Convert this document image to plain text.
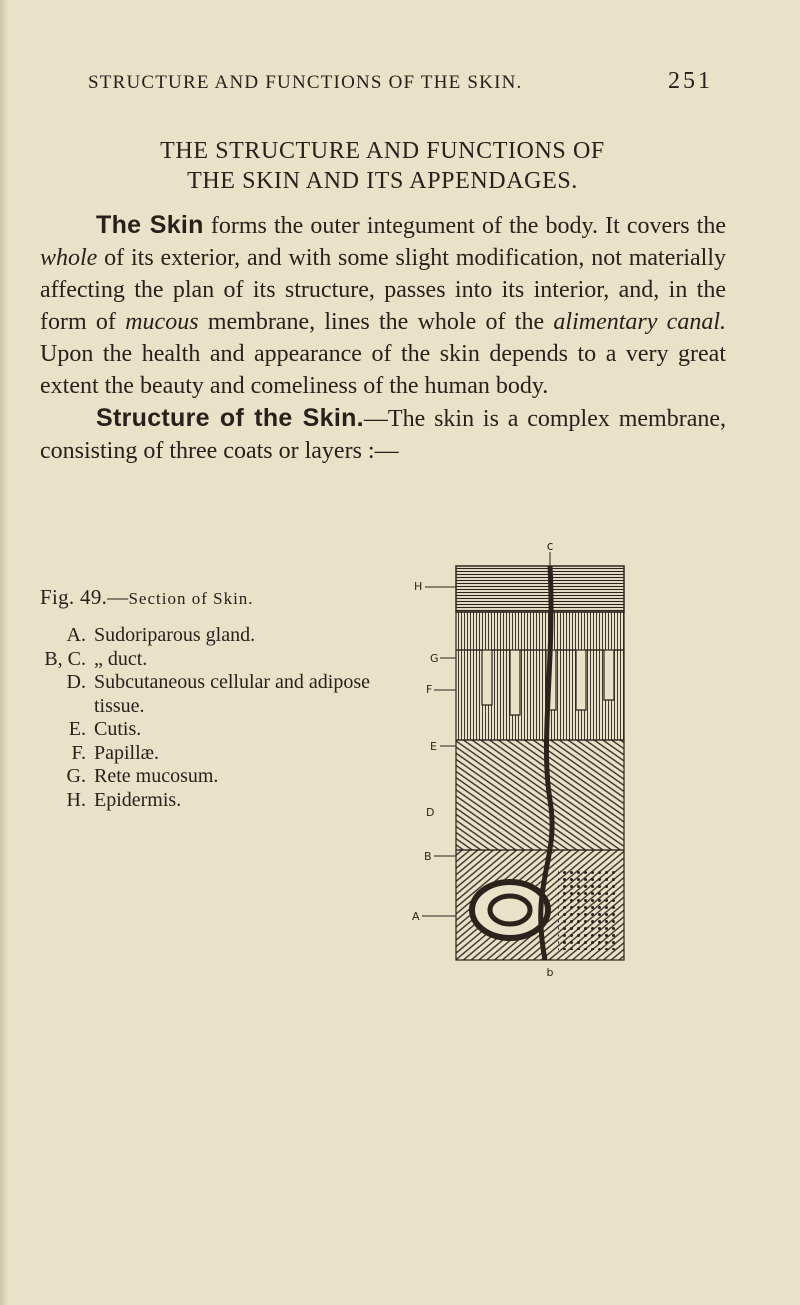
STRUCTURE AND FUNCTIONS OF THE SKIN.	251
THE STRUCTURE AND FUNCTIONS OF
THE SKIN AND ITS APPENDAGES.

The Skin forms the outer integument of the body. It covers the whole of its exterior, and with some slight modification, not materially affecting the plan of its structure, passes into its interior, and, in the form of mucous membrane, lines the whole of the alimentary canal. Upon the health and appearance of the skin depends to a very great extent the beauty and comeliness of the human body.

Structure of the Skin.—The skin is a complex membrane, consisting of three coats or layers :—

Fig. 49.—Section of Skin.

A. Sudoriparous gland.
B, C. „ duct.
D. Subcutaneous cellular and adipose tissue.
E. Cutis.
F. Papillæ.
G. Rete mucosum.
H. Epidermis.
c
H
G
F
E
D
B
A
b
